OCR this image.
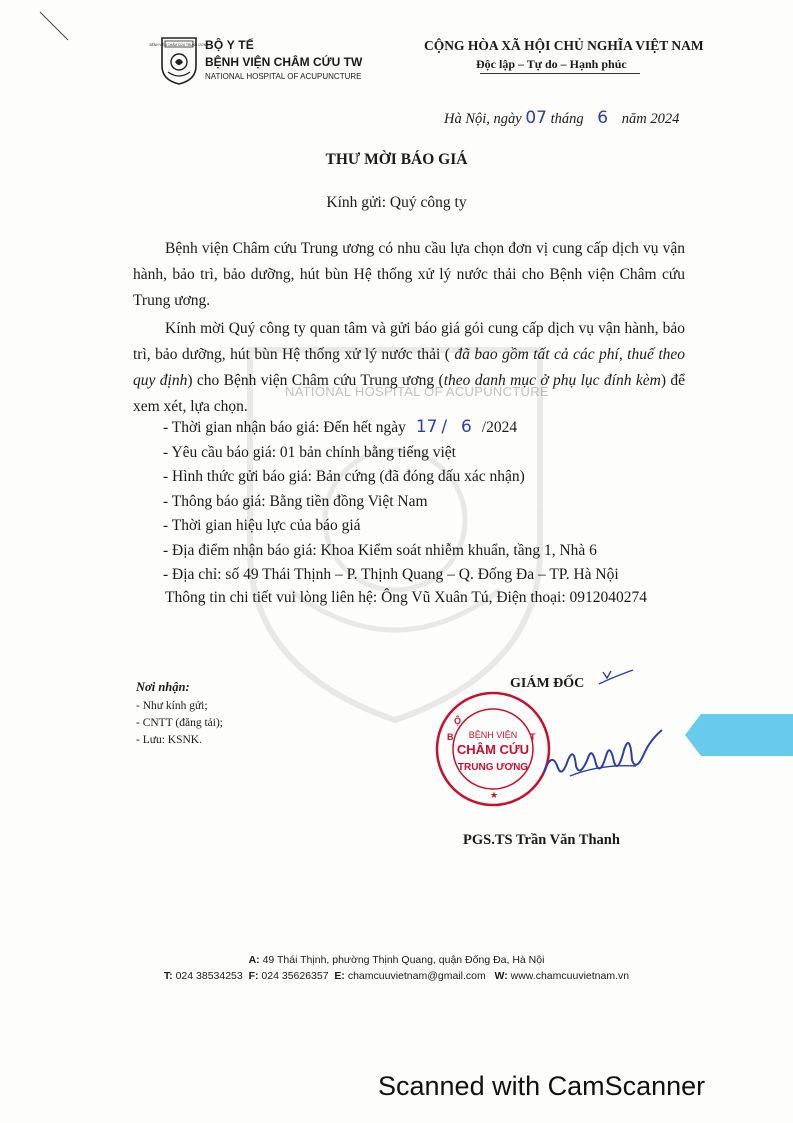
NATIONAL HOSPITAL OF ACUPUNCTURE
BỆNH VIỆN CHÂM CỨU TRUNG ƯƠNG
BỘ Y TẾ
BỆNH VIỆN CHÂM CỨU TW
NATIONAL HOSPITAL OF ACUPUNCTURE
CỘNG HÒA XÃ HỘI CHỦ NGHĨA VIỆT NAM
Độc lập – Tự do – Hạnh phúc
Hà Nội, ngày 07 tháng 6 năm 2024
THƯ MỜI BÁO GIÁ
Kính gửi: Quý công ty
Bệnh viện Châm cứu Trung ương có nhu cầu lựa chọn đơn vị cung cấp dịch vụ vận hành, bảo trì, bảo dưỡng, hút bùn Hệ thống xử lý nước thải cho Bệnh viện Châm cứu Trung ương.
Kính mời Quý công ty quan tâm và gửi báo giá gói cung cấp dịch vụ vận hành, bảo trì, bảo dưỡng, hút bùn Hệ thống xử lý nước thải ( đã bao gồm tất cả các phí, thuế theo quy định) cho Bệnh viện Châm cứu Trung ương (theo danh mục ở phụ lục đính kèm) để xem xét, lựa chọn.
- Thời gian nhận báo giá: Đến hết ngày 17 / 6 /2024
- Yêu cầu báo giá: 01 bản chính bằng tiếng việt
- Hình thức gửi báo giá: Bản cứng (đã đóng dấu xác nhận)
- Thông báo giá: Bằng tiền đồng Việt Nam
- Thời gian hiệu lực của báo giá
- Địa điểm nhận báo giá: Khoa Kiểm soát nhiễm khuẩn, tầng 1, Nhà 6
- Địa chỉ: số 49 Thái Thịnh – P. Thịnh Quang – Q. Đống Đa – TP. Hà Nội
Thông tin chi tiết vui lòng liên hệ: Ông Vũ Xuân Tú, Điện thoại: 0912040274
Nơi nhận:
- Như kính gửi;
- CNTT (đăng tải);
- Lưu: KSNK.
GIÁM ĐỐC
B
Ộ
T
★
BỆNH VIỆN
CHÂM CỨU
TRUNG ƯƠNG
PGS.TS Trần Văn Thanh
A: 49 Thái Thịnh, phường Thịnh Quang, quận Đống Đa, Hà Nội
T: 024 38534253 F: 024 35626357 E: chamcuuvietnam@gmail.com W: www.chamcuuvietnam.vn
Scanned with CamScanner
